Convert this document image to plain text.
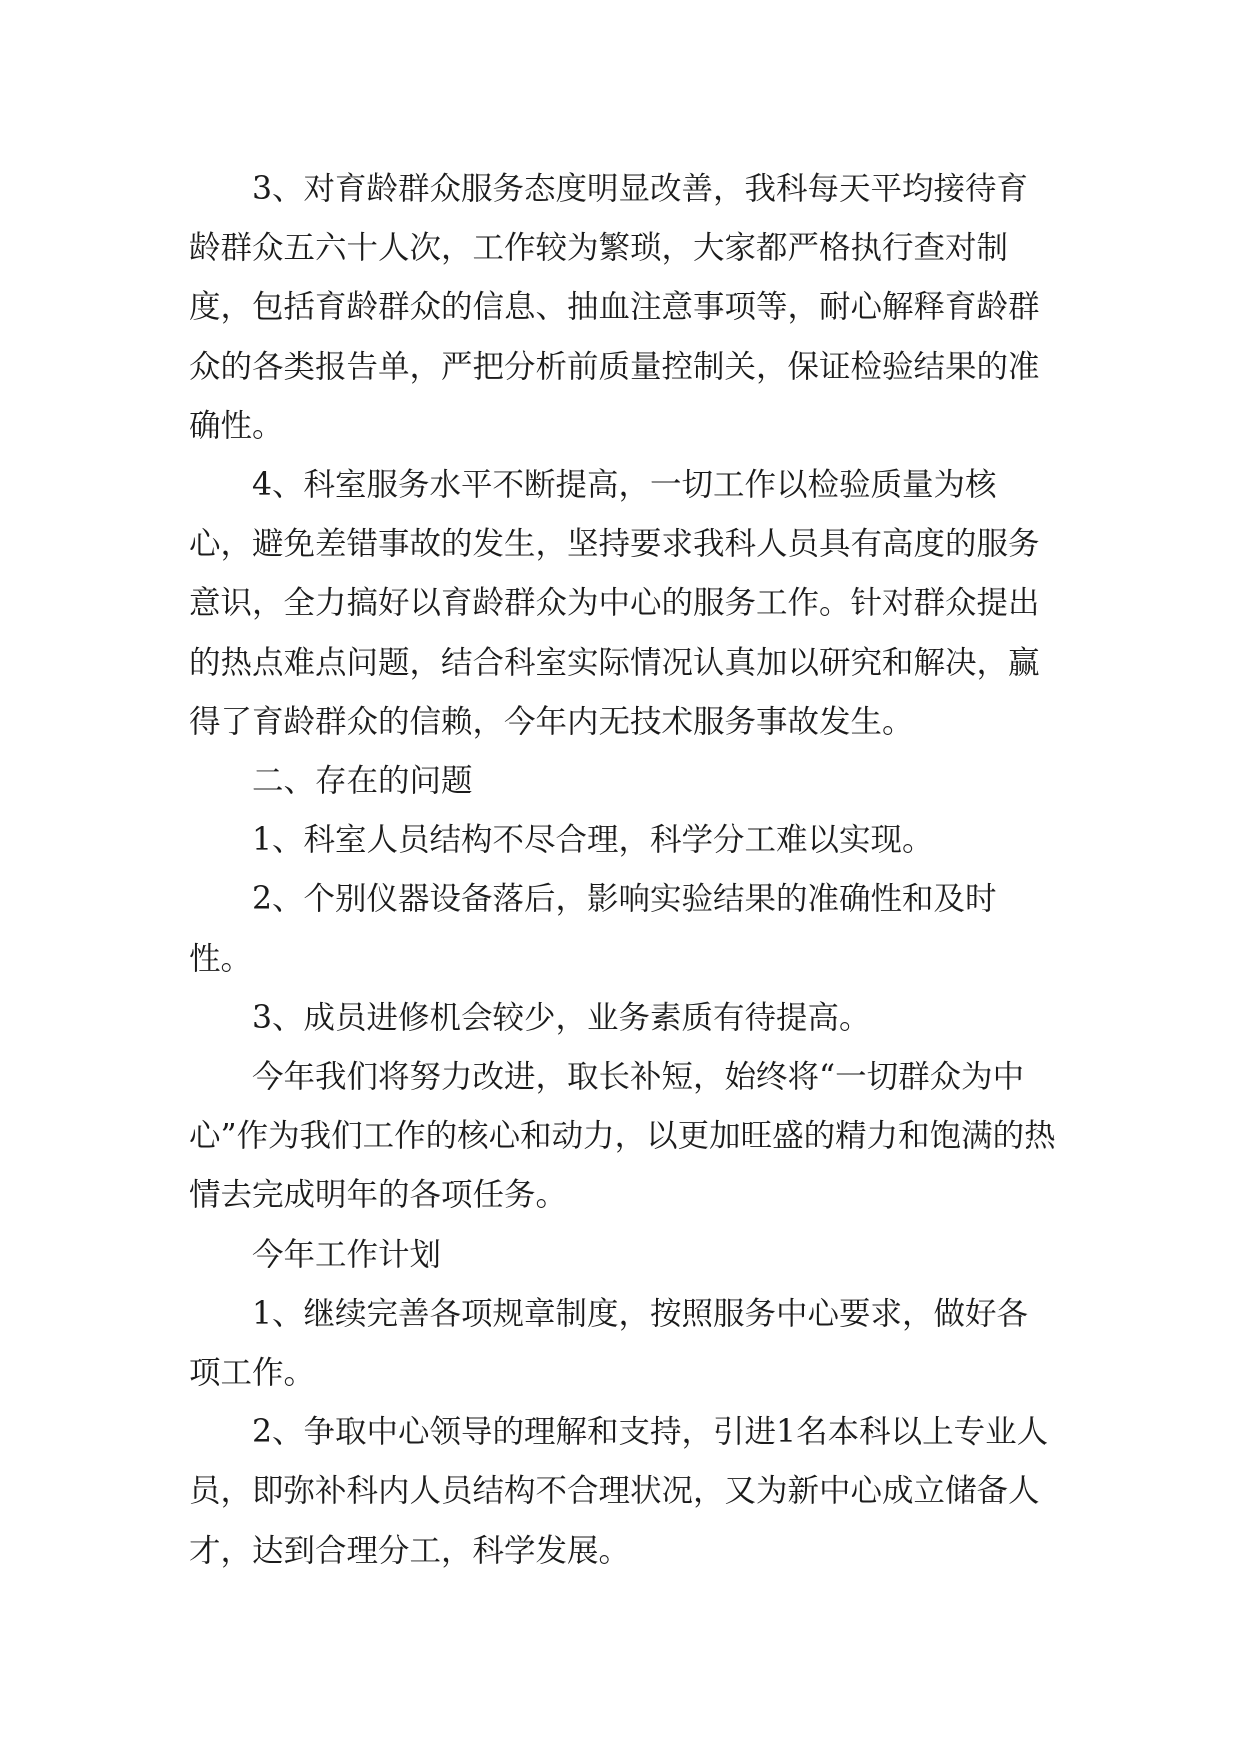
3、对育龄群众服务态度明显改善，我科每天平均接待育龄群众五六十人次，工作较为繁琐，大家都严格执行查对制度，包括育龄群众的信息、抽血注意事项等，耐心解释育龄群众的各类报告单，严把分析前质量控制关，保证检验结果的准确性。

4、科室服务水平不断提高，一切工作以检验质量为核心，避免差错事故的发生，坚持要求我科人员具有高度的服务意识，全力搞好以育龄群众为中心的服务工作。针对群众提出的热点难点问题，结合科室实际情况认真加以研究和解决，赢得了育龄群众的信赖，今年内无技术服务事故发生。

二、存在的问题

1、科室人员结构不尽合理，科学分工难以实现。

2、个别仪器设备落后，影响实验结果的准确性和及时性。

3、成员进修机会较少，业务素质有待提高。

今年我们将努力改进，取长补短，始终将“一切群众为中心”作为我们工作的核心和动力，以更加旺盛的精力和饱满的热情去完成明年的各项任务。

今年工作计划

1、继续完善各项规章制度，按照服务中心要求，做好各项工作。

2、争取中心领导的理解和支持，引进1名本科以上专业人员，即弥补科内人员结构不合理状况，又为新中心成立储备人才，达到合理分工，科学发展。
